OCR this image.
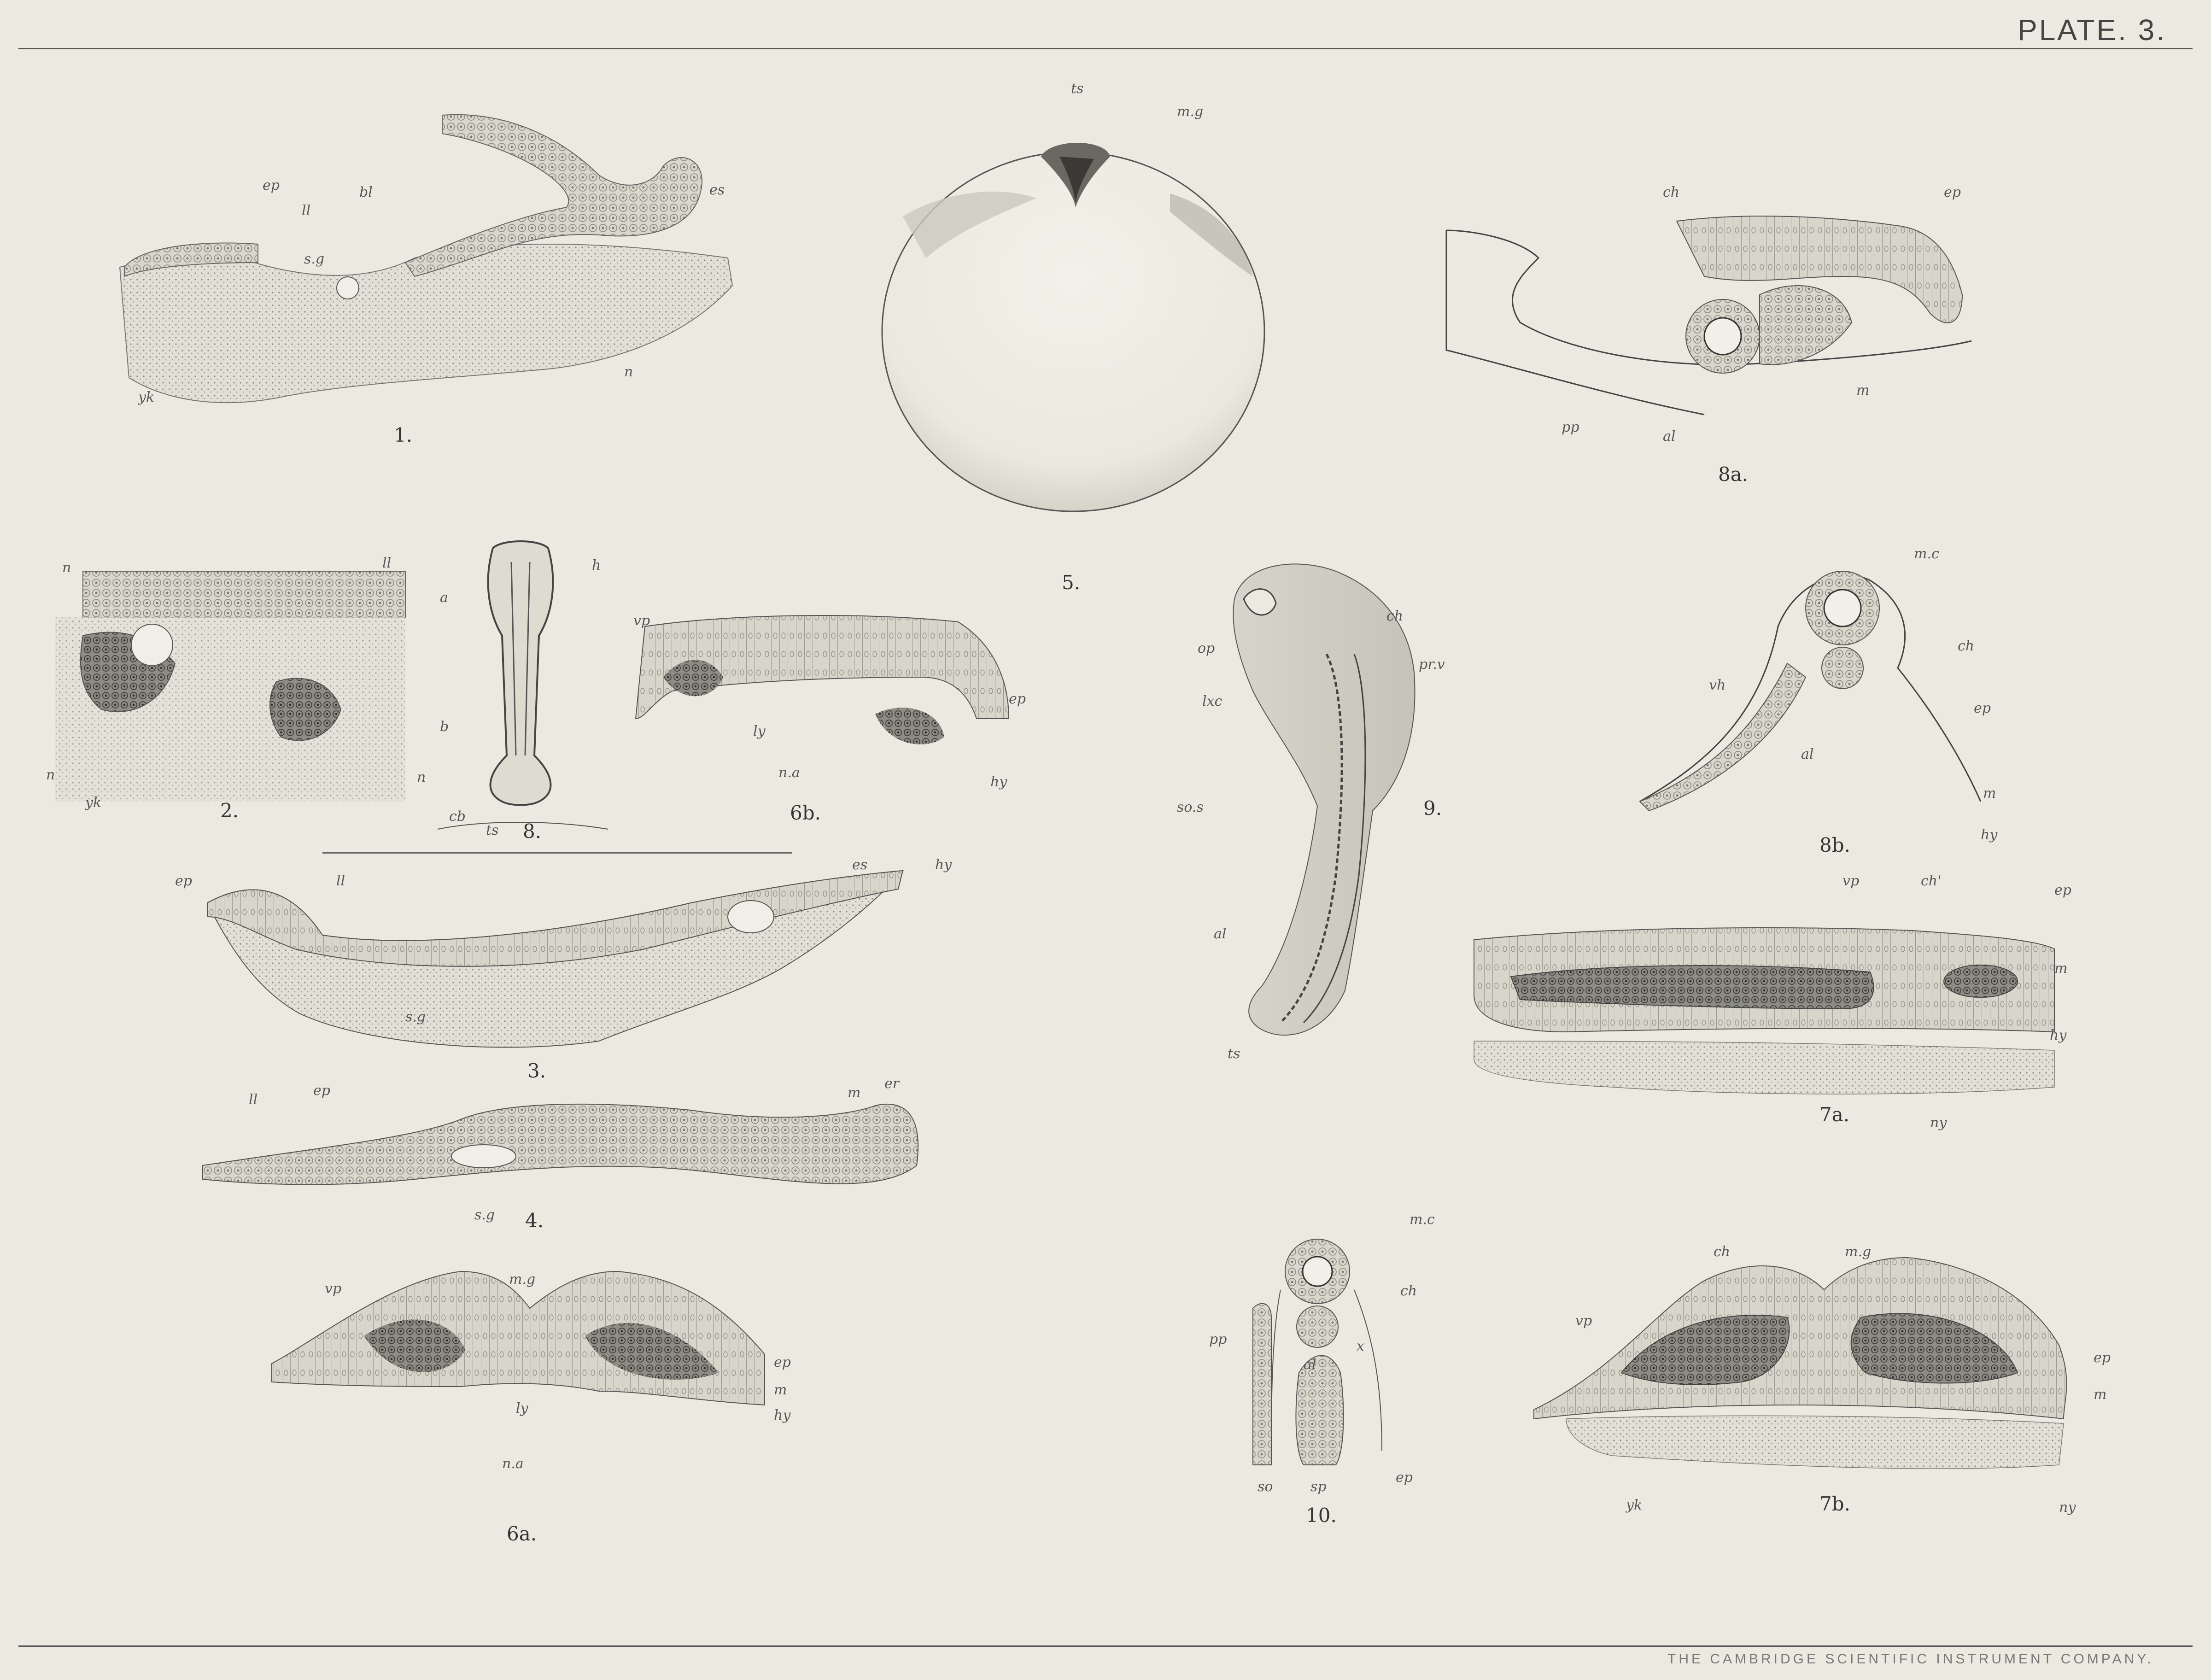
PLATE. 3.
1.
2.
3.
4.
5.
6a.
6b.
7a.
7b.
8.
8a.
8b.
9.
10.
ep
ll
bl	es
s.g
yk
n
ts
m.g
ch	ep
pp
al
m
n	ll
n
yk
n
a
h
b
cb
ts
vp
ly
n.a
ep
hy
ep	ll
es	hy
s.g
ll
ep	m
er
s.g
vp
m.g
ep
m
hy
ly
n.a
op
ch
pr.v
lxc
so.s
al
ts
m.c
ch
vh
ep
al
m
hy
vp	ch'
ep
m
hy
ny
m.c
ch
pp	x
al
so	sp
ep
ch	m.g
vp
ep
m
yk	ny
THE CAMBRIDGE SCIENTIFIC INSTRUMENT COMPANY.
